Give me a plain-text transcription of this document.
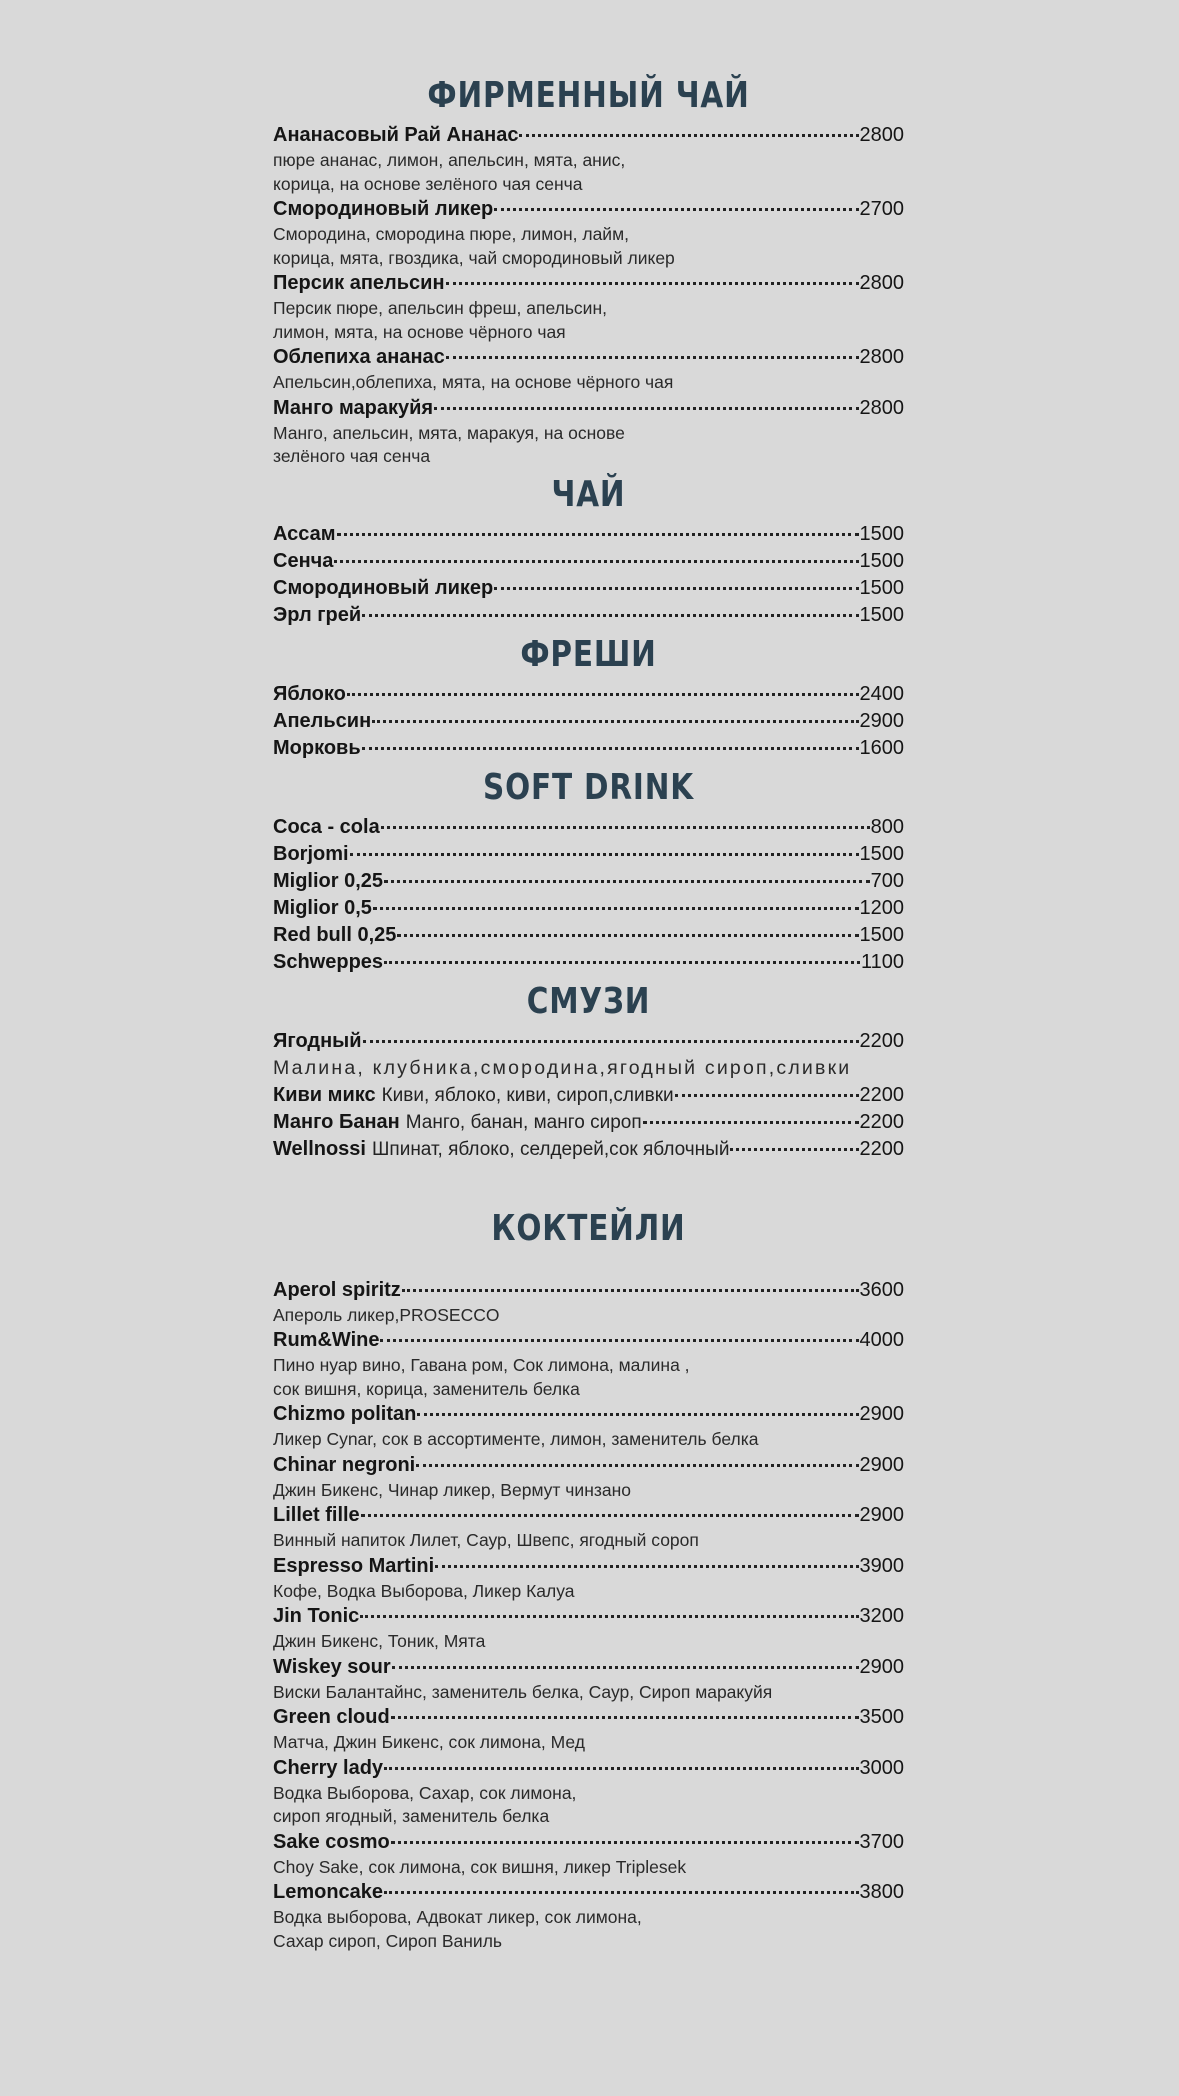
ФИРМЕННЫЙ ЧАЙ
Ананасовый Рай Ананас	2800
пюре ананас, лимон, апельсин, мята, анис,
корица, на основе зелёного чая сенча
Смородиновый ликер	2700
Смородина, смородина пюре, лимон, лайм,
корица, мята, гвоздика, чай смородиновый ликер
Персик апельсин	2800
Персик пюре, апельсин фреш, апельсин,
лимон, мята, на основе чёрного чая
Облепиха ананас	2800
Апельсин,облепиха, мята, на основе чёрного чая
Манго маракуйя	2800
Манго, апельсин, мята, маракуя, на основе
зелёного чая сенча
ЧАЙ
Ассам	1500
Сенча	1500
Смородиновый ликер	1500
Эрл грей	1500
ФРЕШИ
Яблоко	2400
Апельсин	2900
Морковь	1600
SOFT DRINK
Coca - cola	800
Borjomi	1500
Miglior 0,25	700
Miglior 0,5	1200
Red bull 0,25	1500
Schweppes	1100
СМУЗИ
Ягодный	2200
Малина, клубника,смородина,ягодный сироп,сливки
Киви микс Киви, яблоко, киви, сироп,сливки	2200
Манго Банан Манго, банан, манго сироп	2200
Wellnossi Шпинат, яблоко, селдерей,сок яблочный	2200
КОКТЕЙЛИ
Aperol spiritz	3600
Апероль ликер,PROSECCO
Rum&Wine	4000
Пино нуар вино, Гавана ром, Сок лимона, малина ,
сок вишня, корица, заменитель белка
Chizmo politan	2900
Ликер Cynar, сок в ассортименте, лимон, заменитель белка
Chinar negroni	2900
Джин Бикенс, Чинар ликер, Вермут чинзано
Lillet fille	2900
Винный напиток Лилет, Саур, Швепс, ягодный сороп
Espresso Martini	3900
Кофе, Водка Выборова, Ликер Калуа
Jin Tonic	3200
Джин Бикенс, Тоник, Мята
Wiskey sour	2900
Виски Балантайнс, заменитель белка, Саур, Сироп маракуйя
Green cloud	3500
Матча, Джин Бикенс, сок лимона, Мед
Cherry lady	3000
Водка Выборова, Сахар, сок лимона,
сироп ягодный, заменитель белка
Sake cosmo	3700
Choy Sake, сок лимона, сок вишня, ликер Triplesek
Lemoncake	3800
Водка выборова, Адвокат ликер, сок лимона,
Сахар сироп, Сироп Ваниль
